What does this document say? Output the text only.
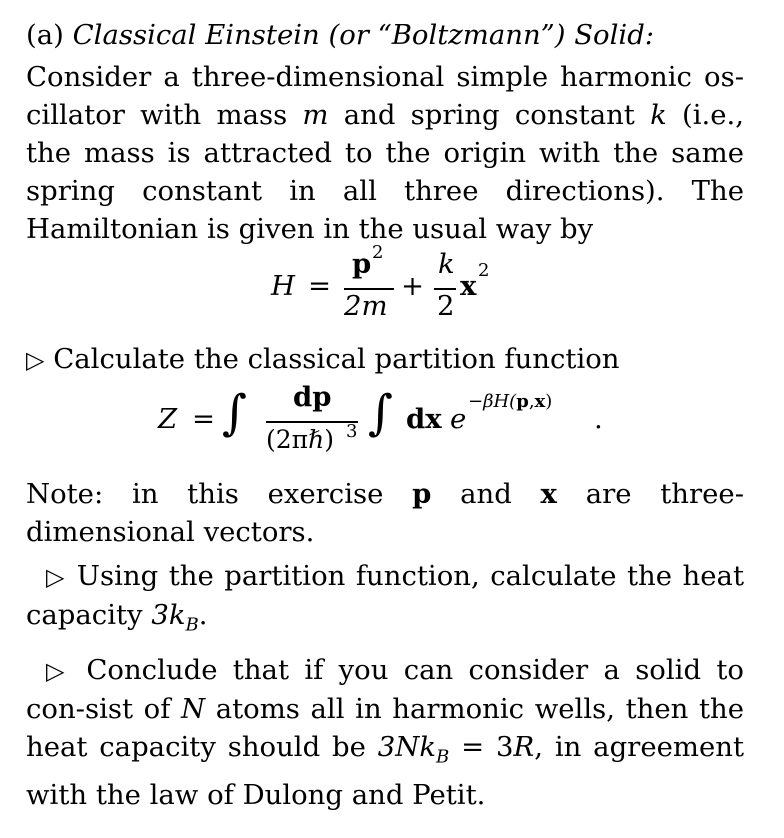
(a) Classical Einstein (or “Boltzmann”) Solid:

Consider a three-dimensional simple harmonic os-cillator with mass m and spring constant k (i.e., the mass is attracted to the origin with the same spring constant in all three directions). The Hamiltonian is given in the usual way by

H =
p 2
2m
+
k
2
x 2

▷ Calculate the classical partition function

Z = ∫ dp
(2πℏ) 3 ∫ dx e
−βH(p,x)
.

Note: in this exercise p and x are three-dimensional vectors.

▷ Using the partition function, calculate the heat capacity $3k_B$.

▷ Conclude that if you can consider a solid to con-sist of N atoms all in harmonic wells, then the heat capacity should be $3Nk_B = 3R$, in agreement with the law of Dulong and Petit.
